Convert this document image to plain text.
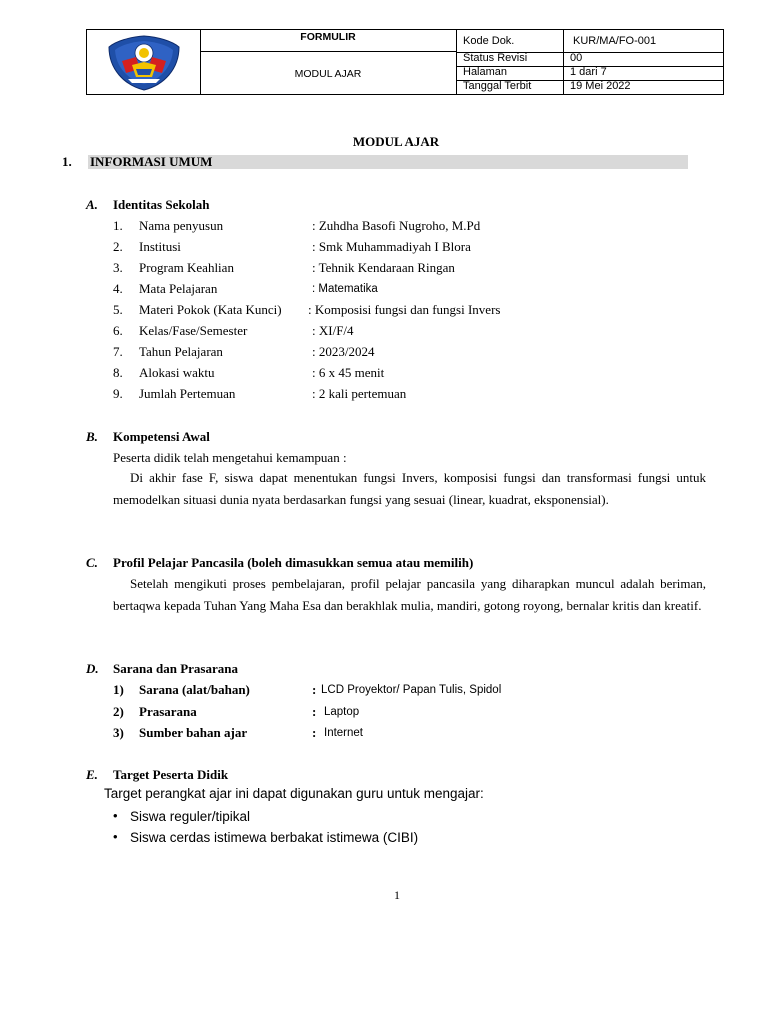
FORMULIR
MODUL AJAR
Kode Dok.	KUR/MA/FO-001
Status Revisi	00
Halaman	1 dari 7
Tanggal Terbit	19 Mei 2022
MODUL AJAR
1. INFORMASI UMUM
A. Identitas Sekolah
1. Nama penyusun	: Zuhdha Basofi Nugroho, M.Pd
2. Institusi	: Smk Muhammadiyah I Blora
3. Program Keahlian	: Tehnik Kendaraan Ringan
4. Mata Pelajaran	: Matematika
5. Materi Pokok (Kata Kunci) : Komposisi fungsi dan fungsi Invers
6. Kelas/Fase/Semester	: XI/F/4
7. Tahun Pelajaran	: 2023/2024
8. Alokasi waktu	: 6 x 45 menit
9. Jumlah Pertemuan	: 2 kali pertemuan
B. Kompetensi Awal
Peserta didik telah mengetahui kemampuan :
Di akhir fase F, siswa dapat menentukan fungsi Invers, komposisi fungsi dan transformasi fungsi untuk memodelkan situasi dunia nyata berdasarkan fungsi yang sesuai (linear, kuadrat, eksponensial).
C. Profil Pelajar Pancasila (boleh dimasukkan semua atau memilih)
Setelah mengikuti proses pembelajaran, profil pelajar pancasila yang diharapkan muncul adalah beriman, bertaqwa kepada Tuhan Yang Maha Esa dan berakhlak mulia, mandiri, gotong royong, bernalar kritis dan kreatif.
D. Sarana dan Prasarana
1) Sarana (alat/bahan)	: LCD Proyektor/ Papan Tulis, Spidol
2) Prasarana	: Laptop
3) Sumber bahan ajar	: Internet
E. Target Peserta Didik
Target perangkat ajar ini dapat digunakan guru untuk mengajar:
• Siswa reguler/tipikal
• Siswa cerdas istimewa berbakat istimewa (CIBI)
1
